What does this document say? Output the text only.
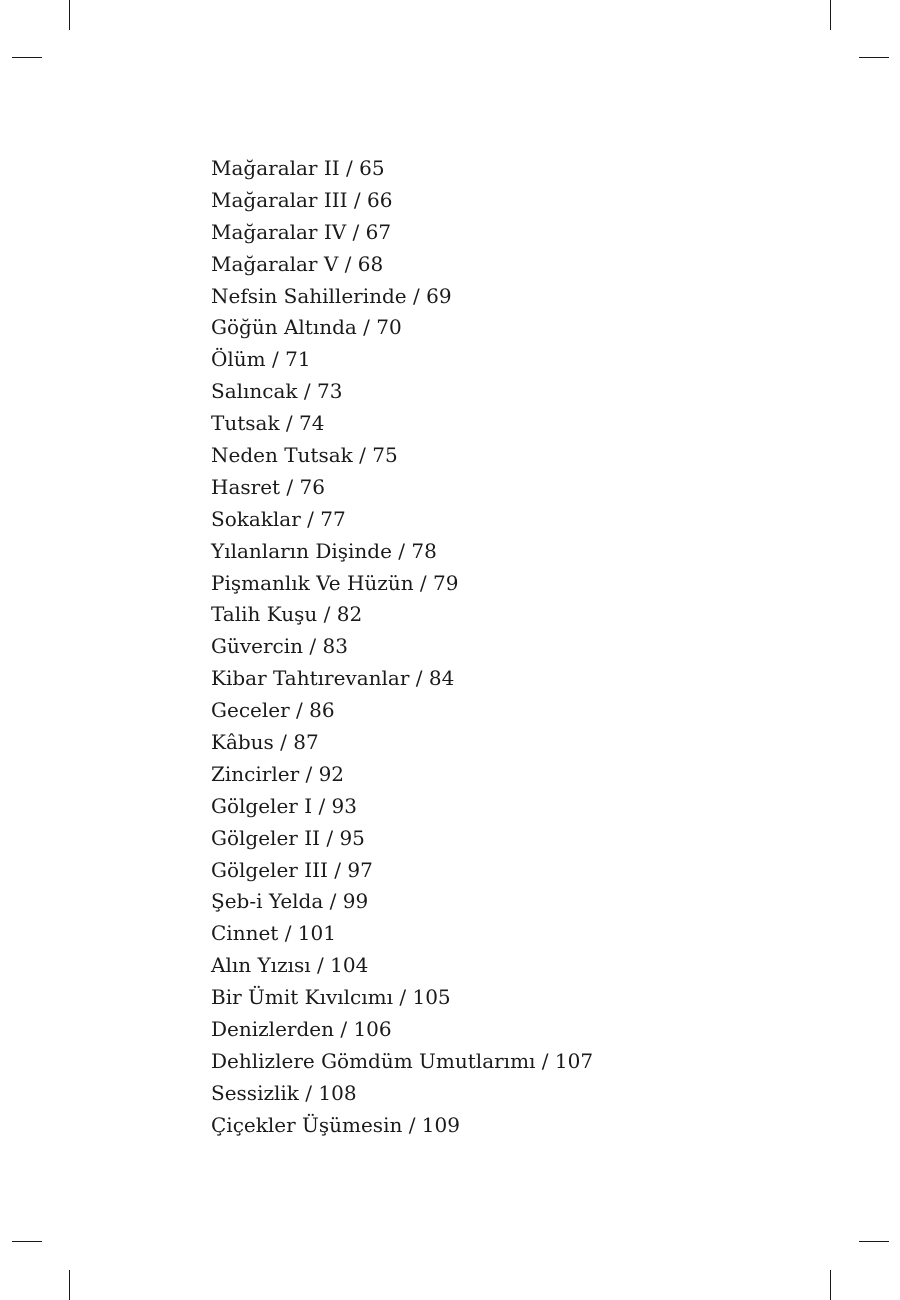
Mağaralar II / 65
Mağaralar III / 66
Mağaralar IV / 67
Mağaralar V / 68
Nefsin Sahillerinde / 69
Göğün Altında / 70
Ölüm / 71
Salıncak / 73
Tutsak / 74
Neden Tutsak / 75
Hasret / 76
Sokaklar / 77
Yılanların Dişinde / 78
Pişmanlık Ve Hüzün / 79
Talih Kuşu / 82
Güvercin / 83
Kibar Tahtırevanlar / 84
Geceler / 86
Kâbus / 87
Zincirler / 92
Gölgeler I / 93
Gölgeler II / 95
Gölgeler III / 97
Şeb-i Yelda / 99
Cinnet / 101
Alın Yızısı / 104
Bir Ümit Kıvılcımı / 105
Denizlerden / 106
Dehlizlere Gömdüm Umutlarımı / 107
Sessizlik / 108
Çiçekler Üşümesin / 109
